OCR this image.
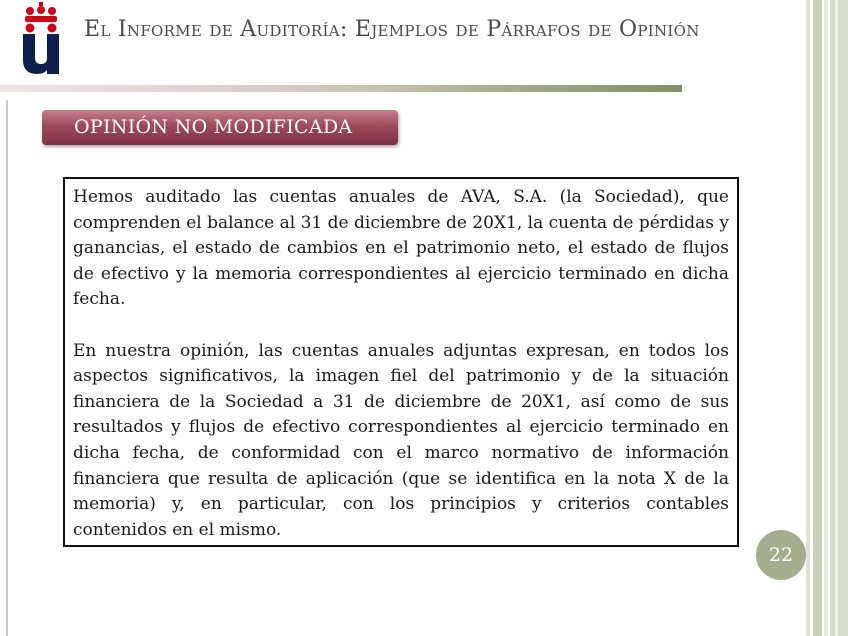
El Informe de Auditoría: Ejemplos de Párrafos de Opinión
OPINIÓN NO MODIFICADA

Hemos auditado las cuentas anuales de AVA, S.A. (la Sociedad), que comprenden el balance al 31 de diciembre de 20X1, la cuenta de pérdidas y ganancias, el estado de cambios en el patrimonio neto, el estado de flujos de efectivo y la memoria correspondientes al ejercicio terminado en dicha fecha.

En nuestra opinión, las cuentas anuales adjuntas expresan, en todos los aspectos significativos, la imagen fiel del patrimonio y de la situación financiera de la Sociedad a 31 de diciembre de 20X1, así como de sus resultados y flujos de efectivo correspondientes al ejercicio terminado en dicha fecha, de conformidad con el marco normativo de información financiera que resulta de aplicación (que se identifica en la nota X de la memoria) y, en particular, con los principios y criterios contables contenidos en el mismo.

22
